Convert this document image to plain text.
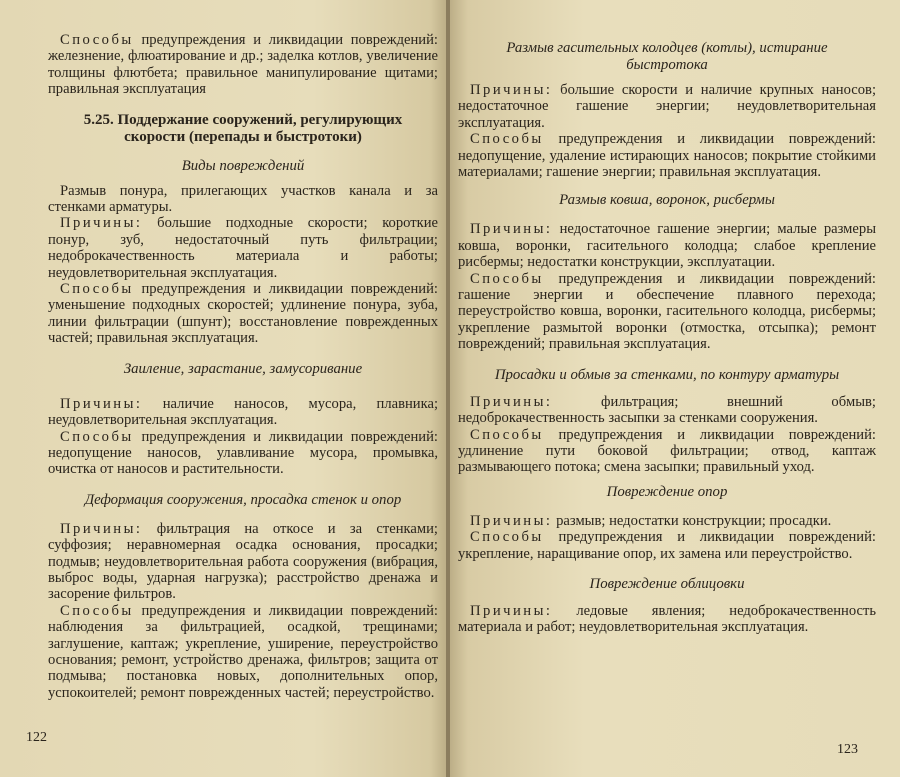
Способы предупреждения и ликвидации повреждений: железнение, флюатирование и др.; заделка котлов, увеличение толщины флютбета; правильное манипулирование щитами; правильная эксплуатация

5.25. Поддержание сооружений, регулирующих скорости (перепады и быстротоки)
Виды повреждений

Размыв понура, прилегающих участков канала и за стенками арматуры.

Причины: большие подходные скорости; короткие понур, зуб, недостаточный путь фильтрации; недоброкачественность материала и работы; неудовлетворительная эксплуатация.

Способы предупреждения и ликвидации повреждений: уменьшение подходных скоростей; удлинение понура, зуба, линии фильтрации (шпунт); восстановление поврежденных частей; правильная эксплуатация.

Заиление, зарастание, замусоривание

Причины: наличие наносов, мусора, плавника; неудовлетворительная эксплуатация.

Способы предупреждения и ликвидации повреждений: недопущение наносов, улавливание мусора, промывка, очистка от наносов и растительности.

Деформация сооружения, просадка стенок и опор

Причины: фильтрация на откосе и за стенками; суффозия; неравномерная осадка основания, просадки; подмыв; неудовлетворительная работа сооружения (вибрация, выброс воды, ударная нагрузка); расстройство дренажа и засорение фильтров.

Способы предупреждения и ликвидации повреждений: наблюдения за фильтрацией, осадкой, трещинами; заглушение, каптаж; укрепление, уширение, переустройство основания; ремонт, устройство дренажа, фильтров; защита от подмыва; постановка новых, дополнительных опор, успокоителей; ремонт поврежденных частей; переустройство.

122
Размыв гасительных колодцев (котлы), истирание быстротока

Причины: большие скорости и наличие крупных наносов; недостаточное гашение энергии; неудовлетворительная эксплуатация.

Способы предупреждения и ликвидации повреждений: недопущение, удаление истирающих наносов; покрытие стойкими материалами; гашение энергии; правильная эксплуатация.

Размыв ковша, воронок, рисбермы

Причины: недостаточное гашение энергии; малые размеры ковша, воронки, гасительного колодца; слабое крепление рисбермы; недостатки конструкции, эксплуатации.

Способы предупреждения и ликвидации повреждений: гашение энергии и обеспечение плавного перехода; переустройство ковша, воронки, гасительного колодца, рисбермы; укрепление размытой воронки (отмостка, отсыпка); ремонт повреждений; правильная эксплуатация.

Просадки и обмыв за стенками, по контуру арматуры

Причины: фильтрация; внешний обмыв; недоброкачественность засыпки за стенками сооружения.

Способы предупреждения и ликвидации повреждений: удлинение пути боковой фильтрации; отвод, каптаж размывающего потока; смена засыпки; правильный уход.

Повреждение опор

Причины: размыв; недостатки конструкции; просадки.

Способы предупреждения и ликвидации повреждений: укрепление, наращивание опор, их замена или переустройство.

Повреждение облицовки

Причины: ледовые явления; недоброкачественность материала и работ; неудовлетворительная эксплуатация.

123
